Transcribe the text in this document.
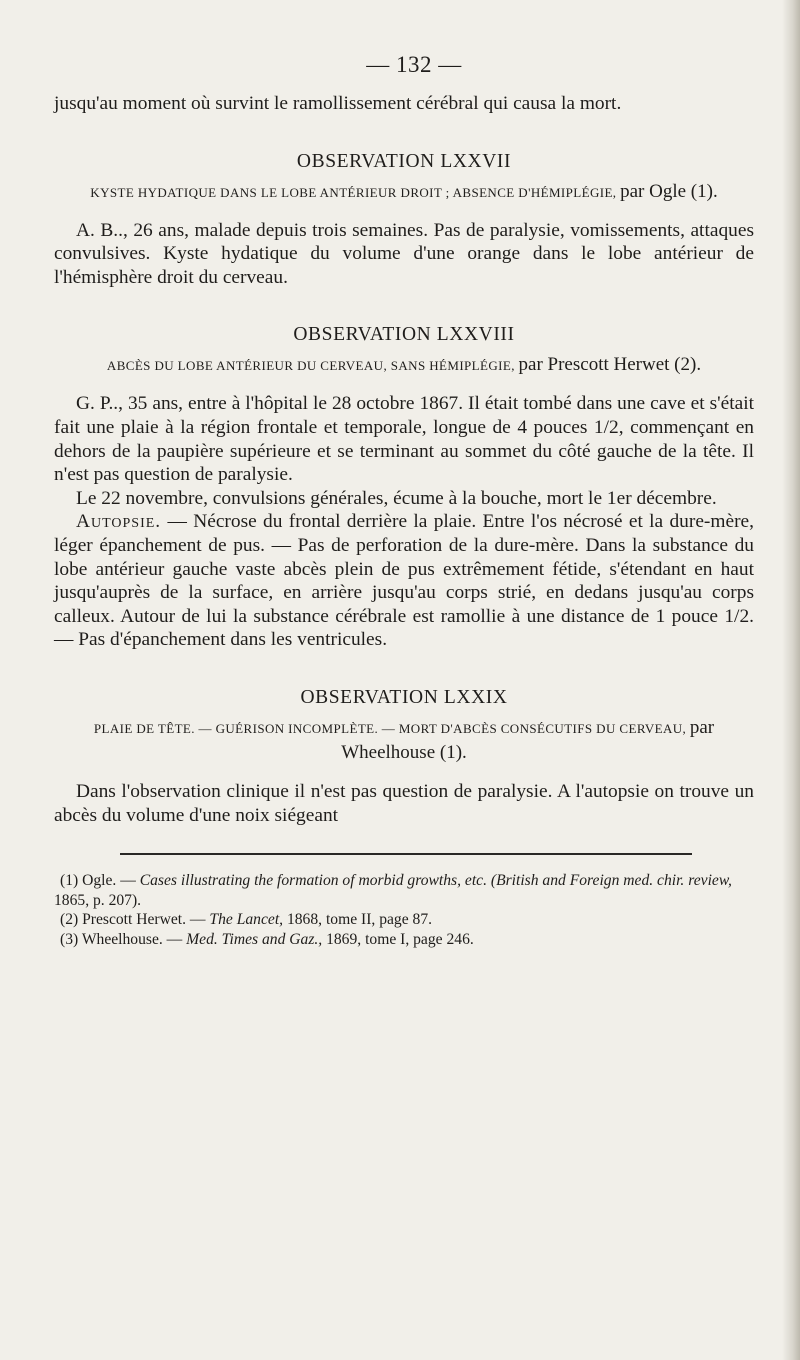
— 132 —

jusqu'au moment où survint le ramollissement cérébral qui causa la mort.

OBSERVATION LXXVII
KYSTE HYDATIQUE DANS LE LOBE ANTÉRIEUR DROIT ; ABSENCE D'HÉMIPLÉGIE, par Ogle (1).

A. B.., 26 ans, malade depuis trois semaines. Pas de paralysie, vomissements, attaques convulsives. Kyste hydatique du volume d'une orange dans le lobe antérieur de l'hémisphère droit du cerveau.

OBSERVATION LXXVIII
ABCÈS DU LOBE ANTÉRIEUR DU CERVEAU, SANS HÉMIPLÉGIE, par Prescott Herwet (2).

G. P.., 35 ans, entre à l'hôpital le 28 octobre 1867. Il était tombé dans une cave et s'était fait une plaie à la région frontale et temporale, longue de 4 pouces 1/2, commençant en dehors de la paupière supérieure et se terminant au sommet du côté gauche de la tête. Il n'est pas question de paralysie.

Le 22 novembre, convulsions générales, écume à la bouche, mort le 1er décembre.

Autopsie. — Nécrose du frontal derrière la plaie. Entre l'os nécrosé et la dure-mère, léger épanchement de pus. — Pas de perforation de la dure-mère. Dans la substance du lobe antérieur gauche vaste abcès plein de pus extrêmement fétide, s'étendant en haut jusqu'auprès de la surface, en arrière jusqu'au corps strié, en dedans jusqu'au corps calleux. Autour de lui la substance cérébrale est ramollie à une distance de 1 pouce 1/2. — Pas d'épanchement dans les ventricules.

OBSERVATION LXXIX
PLAIE DE TÊTE. — GUÉRISON INCOMPLÈTE. — MORT D'ABCÈS CONSÉCUTIFS DU CERVEAU, par Wheelhouse (1).

Dans l'observation clinique il n'est pas question de paralysie. A l'autopsie on trouve un abcès du volume d'une noix siégeant

(1) Ogle. — Cases illustrating the formation of morbid growths, etc. (British and Foreign med. chir. review, 1865, p. 207).

(2) Prescott Herwet. — The Lancet, 1868, tome II, page 87.

(3) Wheelhouse. — Med. Times and Gaz., 1869, tome I, page 246.
